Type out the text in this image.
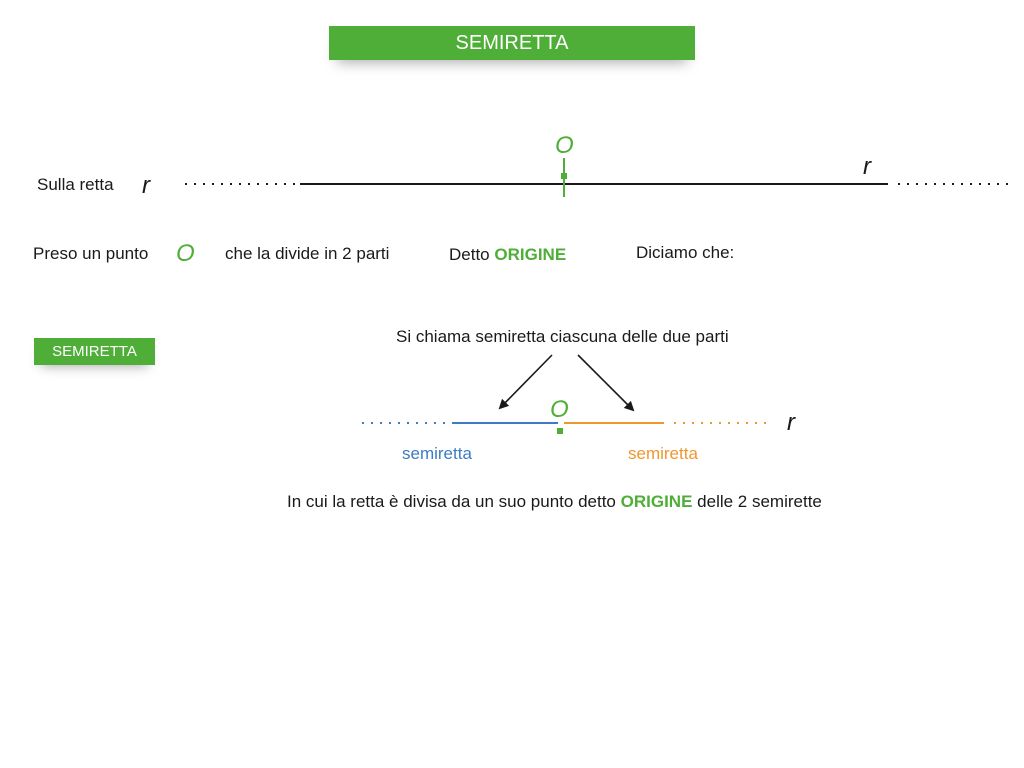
SEMIRETTA
Sulla retta r
r
O
Preso un punto O che la divide in 2 parti	Detto ORIGINE	Diciamo che:
SEMIRETTA
Si chiama semiretta ciascuna delle due parti
O	r
semiretta	semiretta
In cui la retta è divisa da un suo punto detto ORIGINE delle 2 semirette
